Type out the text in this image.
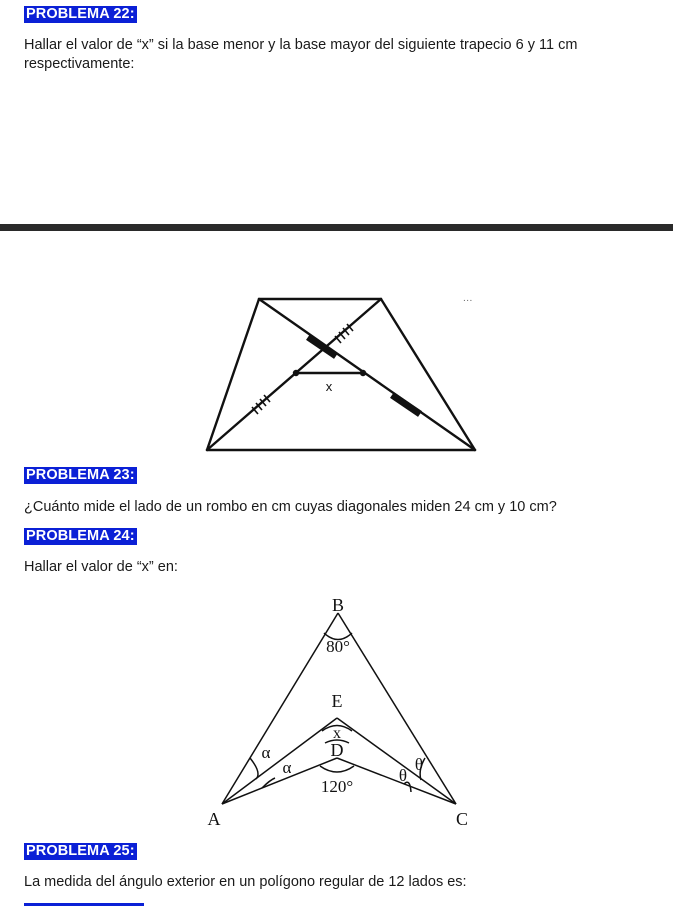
PROBLEMA 22:
Hallar el valor de “x” si la base menor y la base mayor del siguiente trapecio 6 y 11 cm respectivamente:
...
x
PROBLEMA 23:
¿Cuánto mide el lado de un rombo en cm cuyas diagonales miden 24 cm y 10 cm?
PROBLEMA 24:
Hallar el valor de “x” en:
B
80°
E
x
D
120°
α
α	θ
θ
A	C
PROBLEMA 25:
La medida del ángulo exterior en un polígono regular de 12 lados es:
